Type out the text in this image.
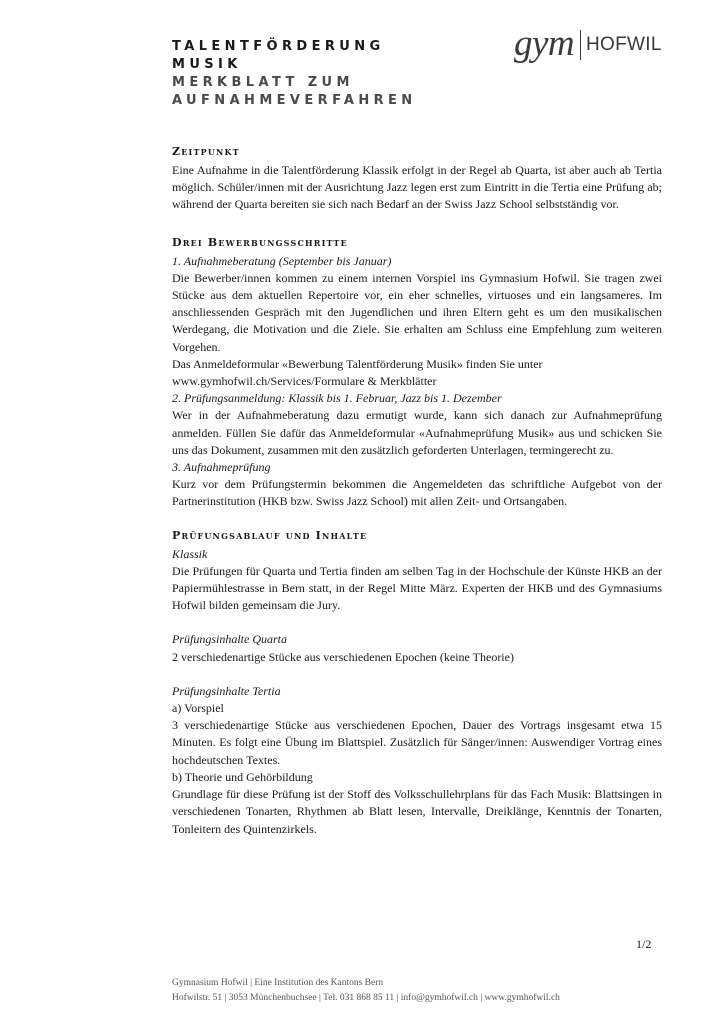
TALENTFÖRDERUNG
MUSIK
MERKBLATT ZUM
AUFNAHMEVERFAHREN
gym HOFWIL
Zeitpunkt

Eine Aufnahme in die Talentförderung Klassik erfolgt in der Regel ab Quarta, ist aber auch ab Tertia möglich. Schüler/innen mit der Ausrichtung Jazz legen erst zum Eintritt in die Tertia eine Prüfung ab; während der Quarta bereiten sie sich nach Bedarf an der Swiss Jazz School selbstständig vor.

Drei Bewerbungsschritte

1. Aufnahmeberatung (September bis Januar)

Die Bewerber/innen kommen zu einem internen Vorspiel ins Gymnasium Hofwil. Sie tragen zwei Stücke aus dem aktuellen Repertoire vor, ein eher schnelles, virtuoses und ein langsameres. Im anschliessenden Gespräch mit den Jugendlichen und ihren Eltern geht es um den musikalischen Werdegang, die Motivation und die Ziele. Sie erhalten am Schluss eine Empfehlung zum weiteren Vorgehen.

Das Anmeldeformular «Bewerbung Talentförderung Musik» finden Sie unter

www.gymhofwil.ch/Services/Formulare & Merkblätter

2. Prüfungsanmeldung: Klassik bis 1. Februar, Jazz bis 1. Dezember

Wer in der Aufnahmeberatung dazu ermutigt wurde, kann sich danach zur Aufnahmeprüfung anmelden. Füllen Sie dafür das Anmeldeformular «Aufnahmeprüfung Musik» aus und schicken Sie uns das Dokument, zusammen mit den zusätzlich geforderten Unterlagen, termingerecht zu.

3. Aufnahmeprüfung

Kurz vor dem Prüfungstermin bekommen die Angemeldeten das schriftliche Aufgebot von der Partnerinstitution (HKB bzw. Swiss Jazz School) mit allen Zeit- und Ortsangaben.

Prüfungsablauf und Inhalte

Klassik

Die Prüfungen für Quarta und Tertia finden am selben Tag in der Hochschule der Künste HKB an der Papiermühlestrasse in Bern statt, in der Regel Mitte März. Experten der HKB und des Gymnasiums Hofwil bilden gemeinsam die Jury.

Prüfungsinhalte Quarta

2 verschiedenartige Stücke aus verschiedenen Epochen (keine Theorie)

Prüfungsinhalte Tertia

a) Vorspiel

3 verschiedenartige Stücke aus verschiedenen Epochen, Dauer des Vortrags insgesamt etwa 15 Minuten. Es folgt eine Übung im Blattspiel. Zusätzlich für Sänger/innen: Auswendiger Vortrag eines hochdeutschen Textes.

b) Theorie und Gehörbildung

Grundlage für diese Prüfung ist der Stoff des Volksschullehrplans für das Fach Musik: Blattsingen in verschiedenen Tonarten, Rhythmen ab Blatt lesen, Intervalle, Dreiklänge, Kenntnis der Tonarten, Tonleitern des Quintenzirkels.

1/2
Gymnasium Hofwil | Eine Institution des Kantons Bern
Hofwilstr. 51 | 3053 Münchenbuchsee | Tel. 031 868 85 11 | info@gymhofwil.ch | www.gymhofwil.ch
